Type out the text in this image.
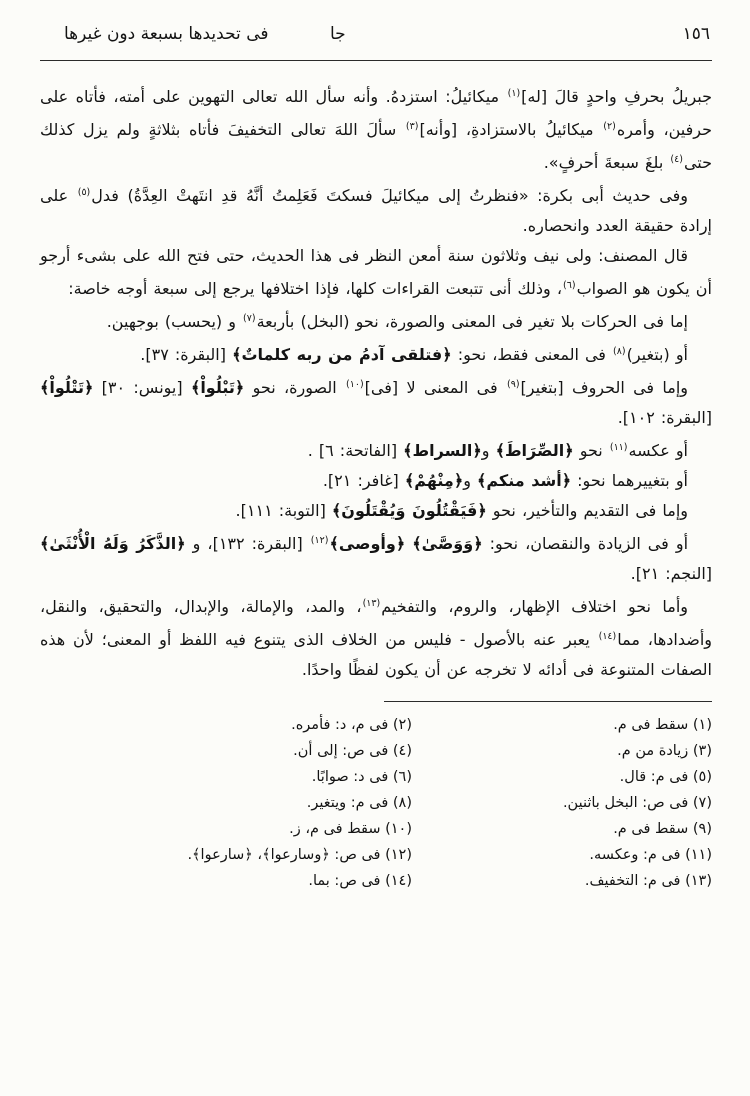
١٥٦
جا
فى تحديدها بسبعة دون غيرها

جبريلُ بحرفِ واحدٍ قالَ [له]$^{(١)}$ ميكائيلُ: استزدهُ. وأنه سأل الله تعالى التهوين على أمته، فأتاه على حرفين، وأمره$^{(٢)}$ ميكائيلُ بالاستزادةِ، [وأنه]$^{(٣)}$ سألَ اللهَ تعالى التخفيفَ فأتاه بثلاثةٍ ولم يزل كذلك حتى$^{(٤)}$ بلغَ سبعةَ أحرفٍ».

وفى حديث أبى بكرة: «فنظرتُ إلى ميكائيلَ فسكتَ فَعَلِمتُ أنَّهُ قدِ انتَهتْ العِدَّةُ) فدل$^{(٥)}$ على إرادة حقيقة العدد وانحصاره.

قال المصنف: ولى نيف وثلاثون سنة أمعن النظر فى هذا الحديث، حتى فتح الله على بشىء أرجو أن يكون هو الصواب$^{(٦)}$، وذلك أنى تتبعت القراءات كلها، فإذا اختلافها يرجع إلى سبعة أوجه خاصة:

إما فى الحركات بلا تغير فى المعنى والصورة، نحو (البخل) بأربعة$^{(٧)}$ و (يحسب) بوجهين.

أو (بتغير)$^{(٨)}$ فى المعنى فقط، نحو: ﴿فتلقى آدمُ من ربه كلماتٌ﴾ [البقرة: ٣٧].

وإما فى الحروف [بتغير]$^{(٩)}$ فى المعنى لا [فى]$^{(١٠)}$ الصورة، نحو ﴿تَبْلُواْ﴾ [يونس: ٣٠] ﴿تَتْلُواْ﴾ [البقرة: ١٠٢].

أو عكسه$^{(١١)}$ نحو ﴿الصِّرَاطَ﴾ و﴿السراط﴾ [الفاتحة: ٦] .

أو بتغييرهما نحو: ﴿أشد منكم﴾ و﴿مِنْهُمْ﴾ [غافر: ٢١].

وإما فى التقديم والتأخير، نحو ﴿فَيَقْتُلُونَ وَيُقْتَلُونَ﴾ [التوبة: ١١١].

أو فى الزيادة والنقصان، نحو: ﴿وَوَصَّىٰ﴾ ﴿وأوصى﴾$^{(١٢)}$ [البقرة: ١٣٢]، و ﴿الذَّكَرُ وَلَهُ الْأُنْثَىٰ﴾ [النجم: ٢١].

وأما نحو اختلاف الإظهار، والروم، والتفخيم$^{(١٣)}$، والمد، والإمالة، والإبدال، والتحقيق، والنقل، وأضدادها، مما$^{(١٤)}$ يعبر عنه بالأصول - فليس من الخلاف الذى يتنوع فيه اللفظ أو المعنى؛ لأن هذه الصفات المتنوعة فى أدائه لا تخرجه عن أن يكون لفظًا واحدًا.

(١) سقط فى م.
(٣) زيادة من م.
(٥) فى م: قال.
(٧) فى ص: البخل باثنين.
(٩) سقط فى م.
(١١) فى م: وعكسه.
(١٣) فى م: التخفيف.
(٢) فى م، د: فأمره.
(٤) فى ص: إلى أن.
(٦) فى د: صوابًا.
(٨) فى م: ويتغير.
(١٠) سقط فى م، ز.
(١٢) فى ص: ﴿وسارعوا﴾، ﴿سارعوا﴾.
(١٤) فى ص: بما.
